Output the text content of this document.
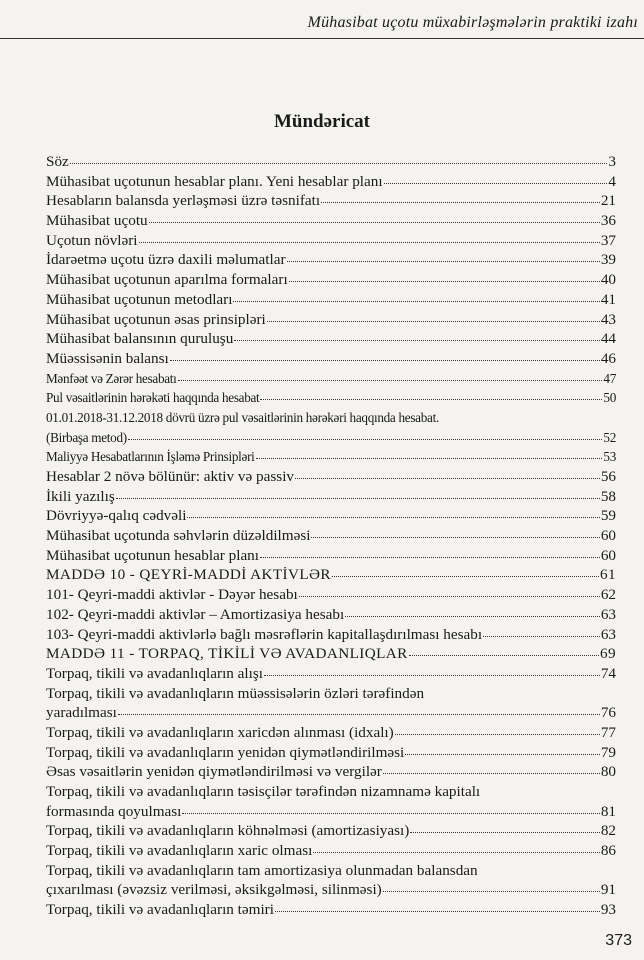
Mühasibat uçotu müxabirləşmələrin praktiki izahı
Mündəricat
Söz	3
Mühasibat uçotunun hesablar planı. Yeni hesablar planı	4
Hesabların balansda yerləşməsi üzrə təsnifatı	21
Mühasibat uçotu	36
Uçotun növləri	37
İdarəetmə uçotu üzrə daxili məlumatlar	39
Mühasibat uçotunun aparılma formaları	40
Mühasibat uçotunun metodları	41
Mühasibat uçotunun əsas prinsipləri	43
Mühasibat balansının quruluşu	44
Müəssisənin balansı	46
Mənfəət və Zərər hesabatı	47
Pul vəsaitlərinin hərəkəti haqqında hesabat	50
01.01.2018-31.12.2018 dövrü üzrə pul vəsaitlərinin hərəkəri haqqında hesabat.
(Birbaşa metod)	52
Maliyyə Hesabatlarının İşləmə Prinsipləri	53
Hesablar 2 növə bölünür: aktiv və passiv	56
İkili yazılış	58
Dövriyyə-qalıq cədvəli	59
Mühasibat uçotunda səhvlərin düzəldilməsi	60
Mühasibat uçotunun hesablar planı	60
MADDƏ 10 - QEYRİ-MADDİ AKTİVLƏR	61
101- Qeyri-maddi aktivlər - Dəyər hesabı	62
102- Qeyri-maddi aktivlər – Amortizasiya hesabı	63
103- Qeyri-maddi aktivlərlə bağlı məsrəflərin kapitallaşdırılması hesabı	63
MADDƏ 11 - TORPAQ, TİKİLİ VƏ AVADANLIQLAR	69
Torpaq, tikili və avadanlıqların alışı	74
Torpaq, tikili və avadanlıqların müəssisələrin özləri tərəfindən
yaradılması	76
Torpaq, tikili və avadanlıqların xaricdən alınması (idxalı)	77
Torpaq, tikili və avadanlıqların yenidən qiymətləndirilməsi	79
Əsas vəsaitlərin yenidən qiymətləndirilməsi və vergilər	80
Torpaq, tikili və avadanlıqların təsisçilər tərəfindən nizamnamə kapitalı
formasında qoyulması	81
Torpaq, tikili və avadanlıqların köhnəlməsi (amortizasiyası)	82
Torpaq, tikili və avadanlıqların xaric olması	86
Torpaq, tikili və avadanlıqların tam amortizasiya olunmadan balansdan
çıxarılması (əvəzsiz verilməsi, əksikgəlməsi, silinməsi)	91
Torpaq, tikili və avadanlıqların təmiri	93
373
